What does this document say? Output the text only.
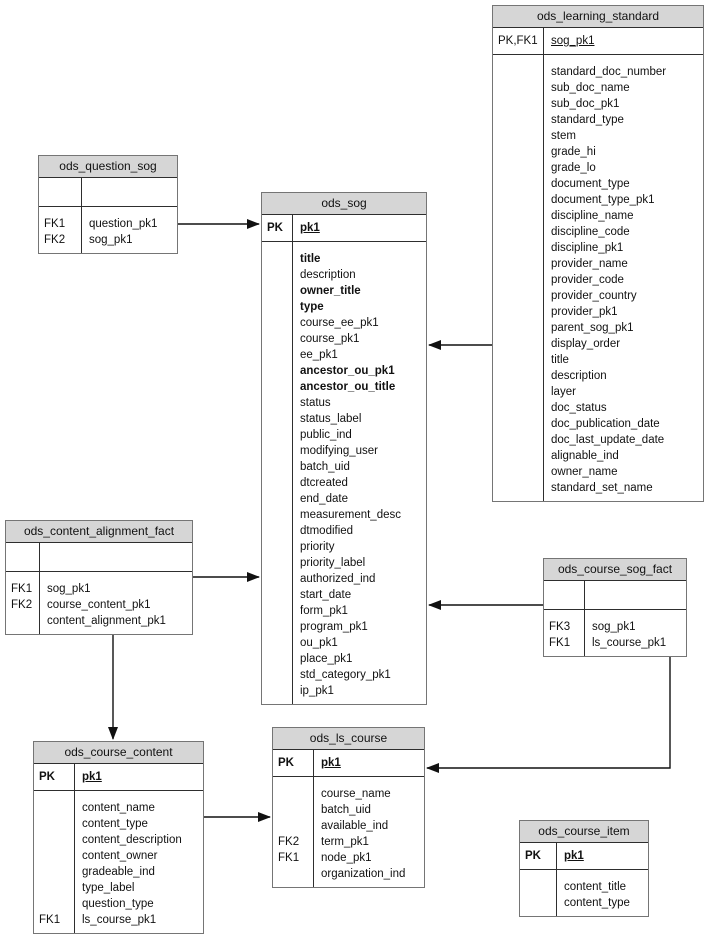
ods_learning_standard
PK,FK1	sog_pk1

standard_doc_number

sub_doc_name

sub_doc_pk1

standard_type

stem

grade_hi

grade_lo

document_type

document_type_pk1

discipline_name

discipline_code

discipline_pk1

provider_name

provider_code

provider_country

provider_pk1

parent_sog_pk1

display_order

title

description

layer

doc_status

doc_publication_date

doc_last_update_date

alignable_ind

owner_name

standard_set_name
ods_question_sog
FK1	question_pk1
FK2	sog_pk1
ods_sog
PK	pk1

title

description

owner_title

type

course_ee_pk1

course_pk1

ee_pk1

ancestor_ou_pk1

ancestor_ou_title

status

status_label

public_ind

modifying_user

batch_uid

dtcreated

end_date

measurement_desc

dtmodified

priority

priority_label

authorized_ind

start_date

form_pk1

program_pk1

ou_pk1

place_pk1

std_category_pk1

ip_pk1
ods_content_alignment_fact
FK1	sog_pk1
FK2	course_content_pk1

content_alignment_pk1
ods_course_sog_fact
FK3	sog_pk1
FK1	ls_course_pk1
ods_course_content
PK	pk1

content_name

content_type

content_description

content_owner

gradeable_ind

type_label

question_type
FK1	ls_course_pk1
ods_ls_course
PK	pk1

course_name

batch_uid

available_ind
FK2	term_pk1
FK1	node_pk1

organization_ind
ods_course_item
PK	pk1

content_title

content_type
